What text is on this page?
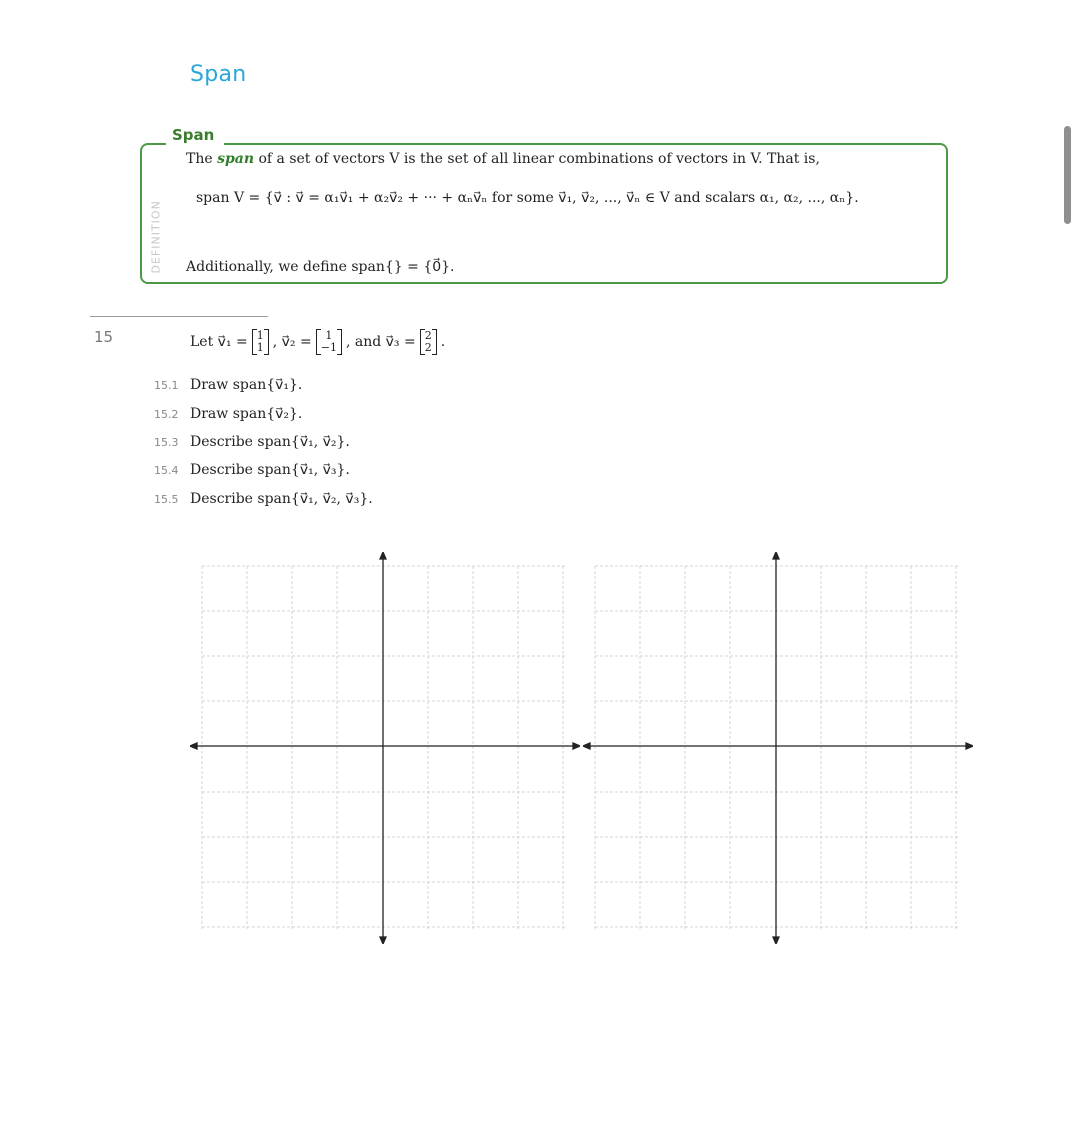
Span
Span
DEFINITION
The span of a set of vectors V is the set of all linear combinations of vectors in V. That is,
span V = {v⃗ : v⃗ = α₁v⃗₁ + α₂v⃗₂ + ··· + αₙv⃗ₙ for some v⃗₁, v⃗₂, ..., v⃗ₙ ∈ V and scalars α₁, α₂, ..., αₙ}.
Additionally, we define span{} = {0⃗}.
15	Let v⃗₁ = 1
1 , v⃗₂ =	1
−1 , and v⃗₃ = 2
2 .
15.1 Draw span{v⃗₁}.
15.2 Draw span{v⃗₂}.
15.3 Describe span{v⃗₁, v⃗₂}.
15.4 Describe span{v⃗₁, v⃗₃}.
15.5 Describe span{v⃗₁, v⃗₂, v⃗₃}.
